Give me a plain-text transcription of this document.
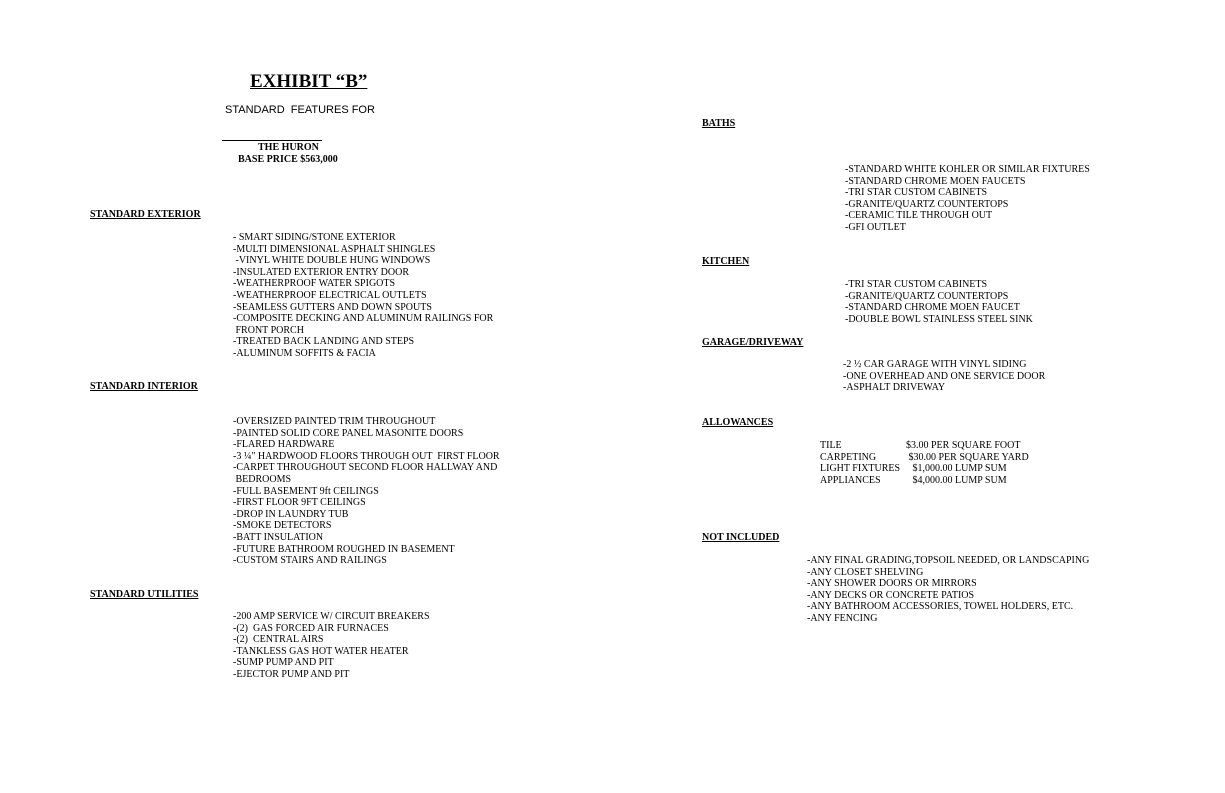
EXHIBIT “B”
STANDARD  FEATURES FOR
THE HURON
BASE PRICE $563,000
STANDARD EXTERIOR
- SMART SIDING/STONE EXTERIOR
-MULTI DIMENSIONAL ASPHALT SHINGLES
-VINYL WHITE DOUBLE HUNG WINDOWS
-INSULATED EXTERIOR ENTRY DOOR
-WEATHERPROOF WATER SPIGOTS
-WEATHERPROOF ELECTRICAL OUTLETS
-SEAMLESS GUTTERS AND DOWN SPOUTS
-COMPOSITE DECKING AND ALUMINUM RAILINGS FOR
FRONT PORCH
-TREATED BACK LANDING AND STEPS
-ALUMINUM SOFFITS & FACIA
STANDARD INTERIOR
-OVERSIZED PAINTED TRIM THROUGHOUT
-PAINTED SOLID CORE PANEL MASONITE DOORS
-FLARED HARDWARE
-3 ¼" HARDWOOD FLOORS THROUGH OUT  FIRST FLOOR
-CARPET THROUGHOUT SECOND FLOOR HALLWAY AND
BEDROOMS
-FULL BASEMENT 9ft CEILINGS
-FIRST FLOOR 9FT CEILINGS
-DROP IN LAUNDRY TUB
-SMOKE DETECTORS
-BATT INSULATION
-FUTURE BATHROOM ROUGHED IN BASEMENT
-CUSTOM STAIRS AND RAILINGS
STANDARD UTILITIES
-200 AMP SERVICE W/ CIRCUIT BREAKERS
-(2)  GAS FORCED AIR FURNACES
-(2)  CENTRAL AIRS
-TANKLESS GAS HOT WATER HEATER
-SUMP PUMP AND PIT
-EJECTOR PUMP AND PIT
BATHS
-STANDARD WHITE KOHLER OR SIMILAR FIXTURES
-STANDARD CHROME MOEN FAUCETS
-TRI STAR CUSTOM CABINETS
-GRANITE/QUARTZ COUNTERTOPS
-CERAMIC TILE THROUGH OUT
-GFI OUTLET
KITCHEN
-TRI STAR CUSTOM CABINETS
-GRANITE/QUARTZ COUNTERTOPS
-STANDARD CHROME MOEN FAUCET
-DOUBLE BOWL STAINLESS STEEL SINK
GARAGE/DRIVEWAY
-2 ½ CAR GARAGE WITH VINYL SIDING
-ONE OVERHEAD AND ONE SERVICE DOOR
-ASPHALT DRIVEWAY
ALLOWANCES
TILE	$3.00 PER SQUARE FOOT
CARPETING	$30.00 PER SQUARE YARD
LIGHT FIXTURES $1,000.00 LUMP SUM
APPLIANCES	$4,000.00 LUMP SUM
NOT INCLUDED
-ANY FINAL GRADING,TOPSOIL NEEDED, OR LANDSCAPING
-ANY CLOSET SHELVING
-ANY SHOWER DOORS OR MIRRORS
-ANY DECKS OR CONCRETE PATIOS
-ANY BATHROOM ACCESSORIES, TOWEL HOLDERS, ETC.
-ANY FENCING
